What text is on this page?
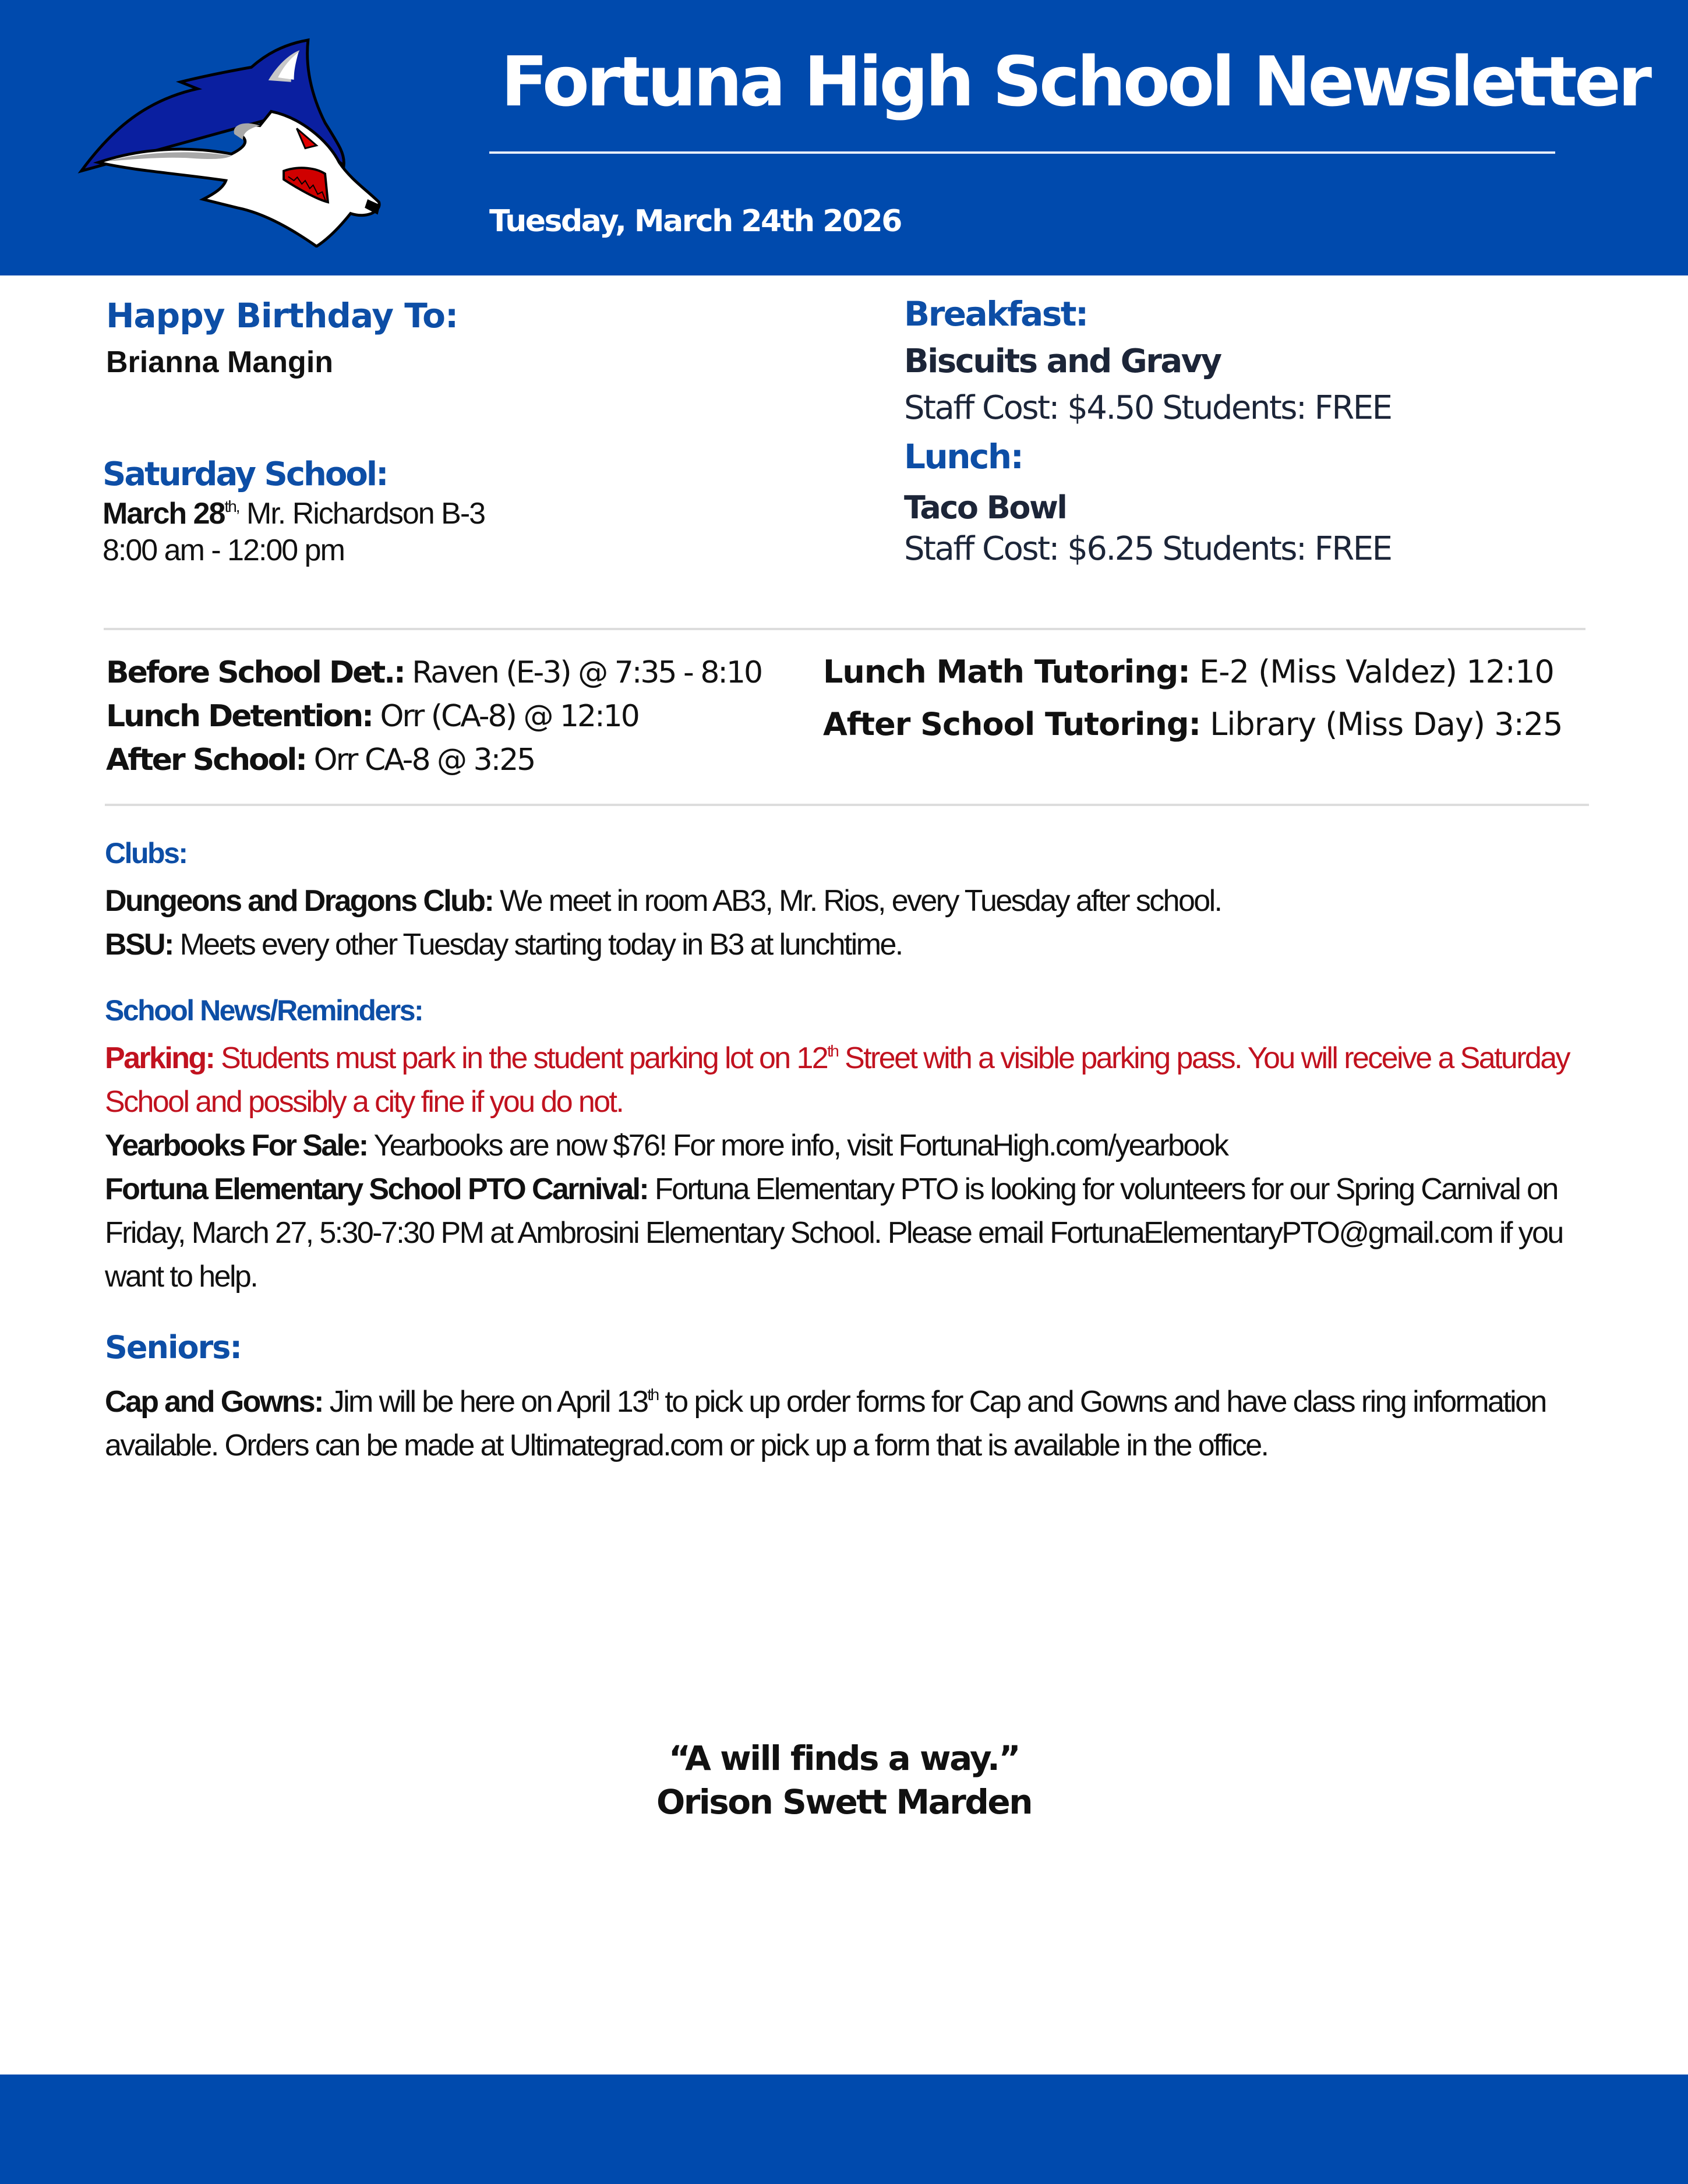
Fortuna High School Newsletter
Tuesday, March 24th 2026
Happy Birthday To:
Brianna Mangin
Saturday School:
March $28^{th,}$ Mr. Richardson B-3
8:00 am - 12:00 pm
Breakfast:
Biscuits and Gravy
Staff Cost: $4.50 Students: FREE
Lunch:
Taco Bowl
Staff Cost: $6.25 Students: FREE
Before School Det.: Raven (E-3) @ 7:35 - 8:10
Lunch Detention: Orr (CA-8) @ 12:10
After School: Orr CA-8 @ 3:25
Lunch Math Tutoring: E-2 (Miss Valdez) 12:10
After School Tutoring: Library (Miss Day) 3:25
Clubs:
Dungeons and Dragons Club: We meet in room AB3, Mr. Rios, every Tuesday after school.
BSU: Meets every other Tuesday starting today in B3 at lunchtime.
School News/Reminders:
Parking: Students must park in the student parking lot on 12th Street with a visible parking pass. You will receive a Saturday School and possibly a city fine if you do not.
Yearbooks For Sale: Yearbooks are now $76! For more info, visit FortunaHigh.com/yearbook
Fortuna Elementary School PTO Carnival: Fortuna Elementary PTO is looking for volunteers for our Spring Carnival on Friday, March 27, 5:30-7:30 PM at Ambrosini Elementary School. Please email FortunaElementaryPTO@gmail.com if you want to help.
Seniors:
Cap and Gowns: Jim will be here on April 13th to pick up order forms for Cap and Gowns and have class ring information available. Orders can be made at Ultimategrad.com or pick up a form that is available in the office.
“A will finds a way.”
Orison Swett Marden
